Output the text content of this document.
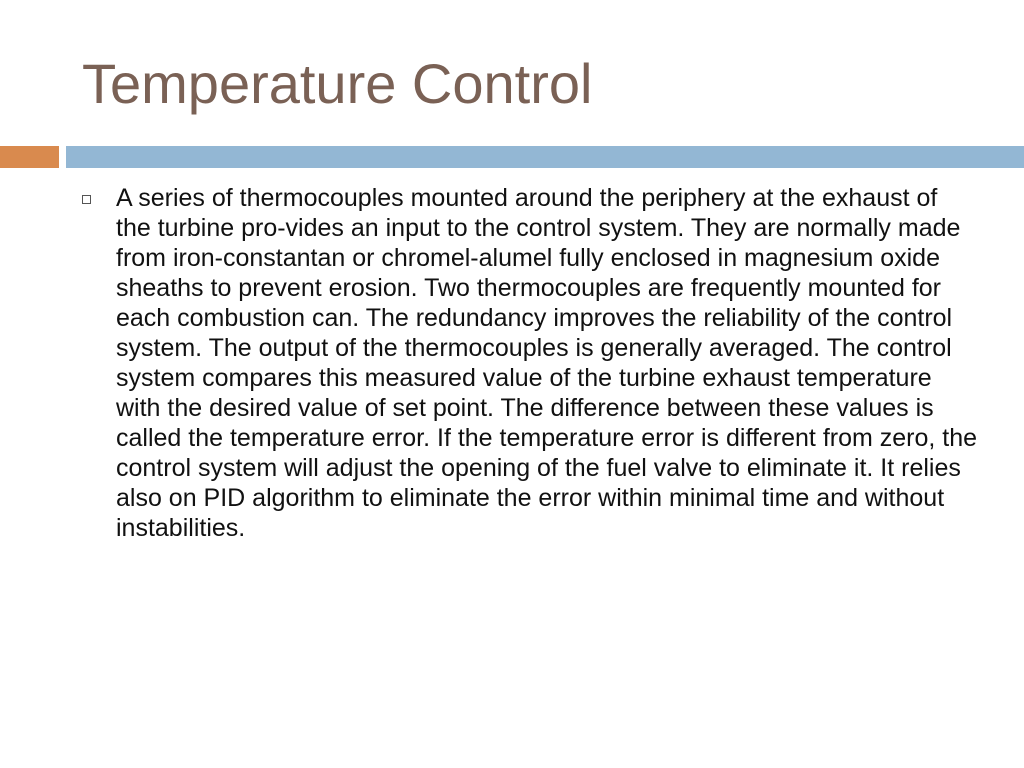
Temperature Control

A series of thermocouples mounted around the periphery at the exhaust of the turbine pro-vides an input to the control system. They are normally made from iron-constantan or chromel-alumel fully enclosed in magnesium oxide sheaths to prevent erosion. Two thermocouples are frequently mounted for each combustion can. The redundancy improves the reliability of the control system. The output of the thermocouples is generally averaged. The control system compares this measured value of the turbine exhaust temperature with the desired value of set point. The difference between these values is called the temperature error. If the temperature error is different from zero, the control system will adjust the opening of the fuel valve to eliminate it. It relies also on PID algorithm to eliminate the error within minimal time and without instabilities.
